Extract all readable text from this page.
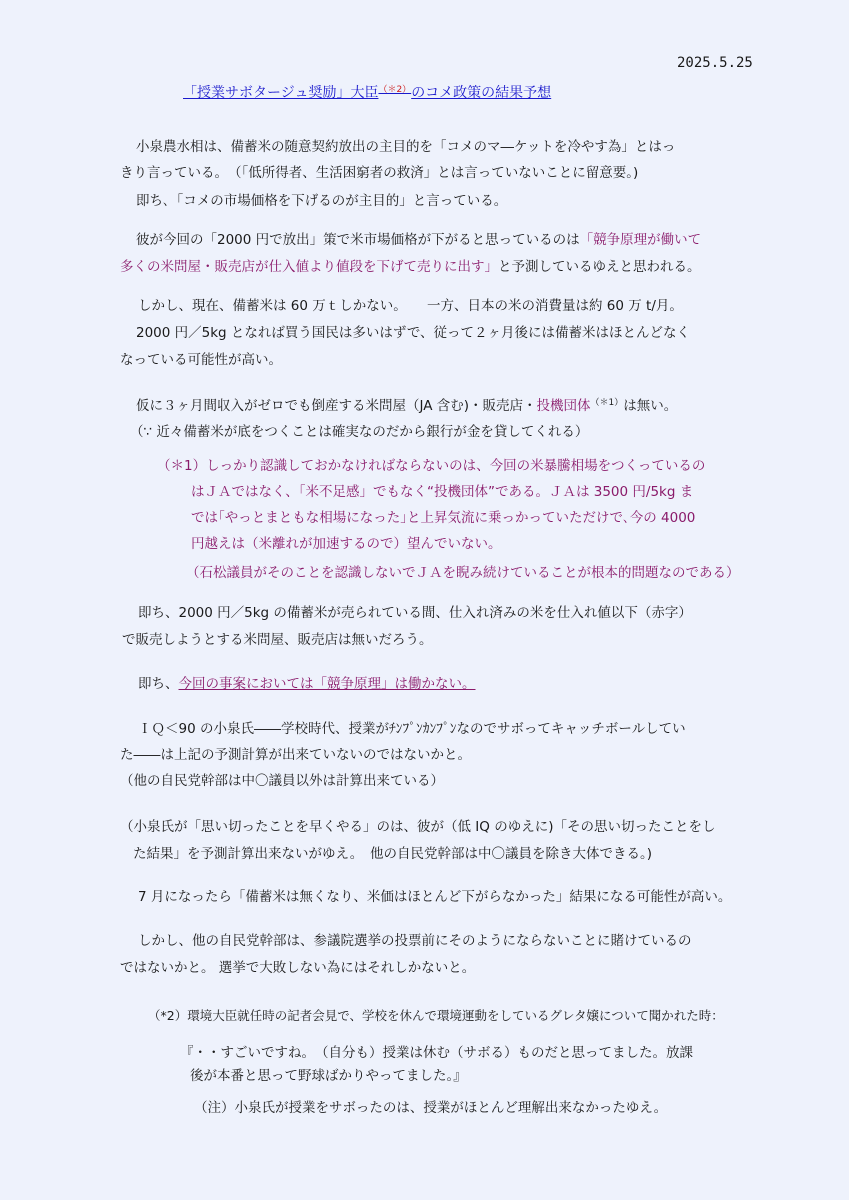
2025.5.25
「授業サボタージュ奨励」大臣$^{(*2)}$のコメ政策の結果予想
小泉農水相は、備蓄米の随意契約放出の主目的を「コメのマ―ケットを冷やす為」とはっ
きり言っている。　（「低所得者、生活困窮者の救済」とは言っていないことに留意要。)
即ち､「コメの市場価格を下げるのが主目的」と言っている。
彼が今回の「2000 円で放出」策で米市場価格が下がると思っているのは「競争原理が働いて
多くの米問屋・販売店が仕入値より値段を下げて売りに出す」と予測しているゆえと思われる。
しかし、現在、備蓄米は 60 万ｔしかない。　　一方、日本の米の消費量は約 60 万 t/月。
2000 円／5kg となれば買う国民は多いはずで、従って２ヶ月後には備蓄米はほとんどなく
なっている可能性が高い。
仮に３ヶ月間収入がゼロでも倒産する米問屋（JA 含む)・販売店・投機団体$^{(*1)}$は無い。
（∵ 近々備蓄米が底をつくことは確実なのだから銀行が金を貸してくれる）
（＊1）しっかり認識しておかなければならないのは、今回の米暴騰相場をつくっているの
はＪＡではなく、「米不足感」でもなく“投機団体”である。ＪＡは 3500 円/5kg ま
では｢やっとまともな相場になった｣と上昇気流に乗っかっていただけで､今の 4000
円越えは（米離れが加速するので）望んでいない。
（石松議員がそのことを認識しないでＪＡを睨み続けていることが根本的問題なのである）
即ち、2000 円／5kg の備蓄米が売られている間、仕入れ済みの米を仕入れ値以下（赤字）
で販売しようとする米問屋、販売店は無いだろう。
即ち、今回の事案においては「競争原理」は働かない。
ＩＱ＜90 の小泉氏――学校時代、授業がﾁﾝﾌﾟﾝｶﾝﾌﾟﾝなのでサボってキャッチボールしてい
た――は上記の予測計算が出来ていないのではないかと。
（他の自民党幹部は中〇議員以外は計算出来ている）
（小泉氏が「思い切ったことを早くやる」のは、彼が（低 IQ のゆえに)「その思い切ったことをし
た結果」を予測計算出来ないがゆえ。　他の自民党幹部は中〇議員を除き大体できる。)
7 月になったら「備蓄米は無くなり、米価はほとんど下がらなかった」結果になる可能性が高い。
しかし、他の自民党幹部は、参議院選挙の投票前にそのようにならないことに賭けているの
ではないかと。 選挙で大敗しない為にはそれしかないと。
（*2）環境大臣就任時の記者会見で、学校を休んで環境運動をしているグレタ嬢について聞かれた時：
『・・すごいですね。　（自分も）授業は休む（サボる）ものだと思ってました。放課
後が本番と思って野球ばかりやってました。』
（注）小泉氏が授業をサボったのは、授業がほとんど理解出来なかったゆえ。
